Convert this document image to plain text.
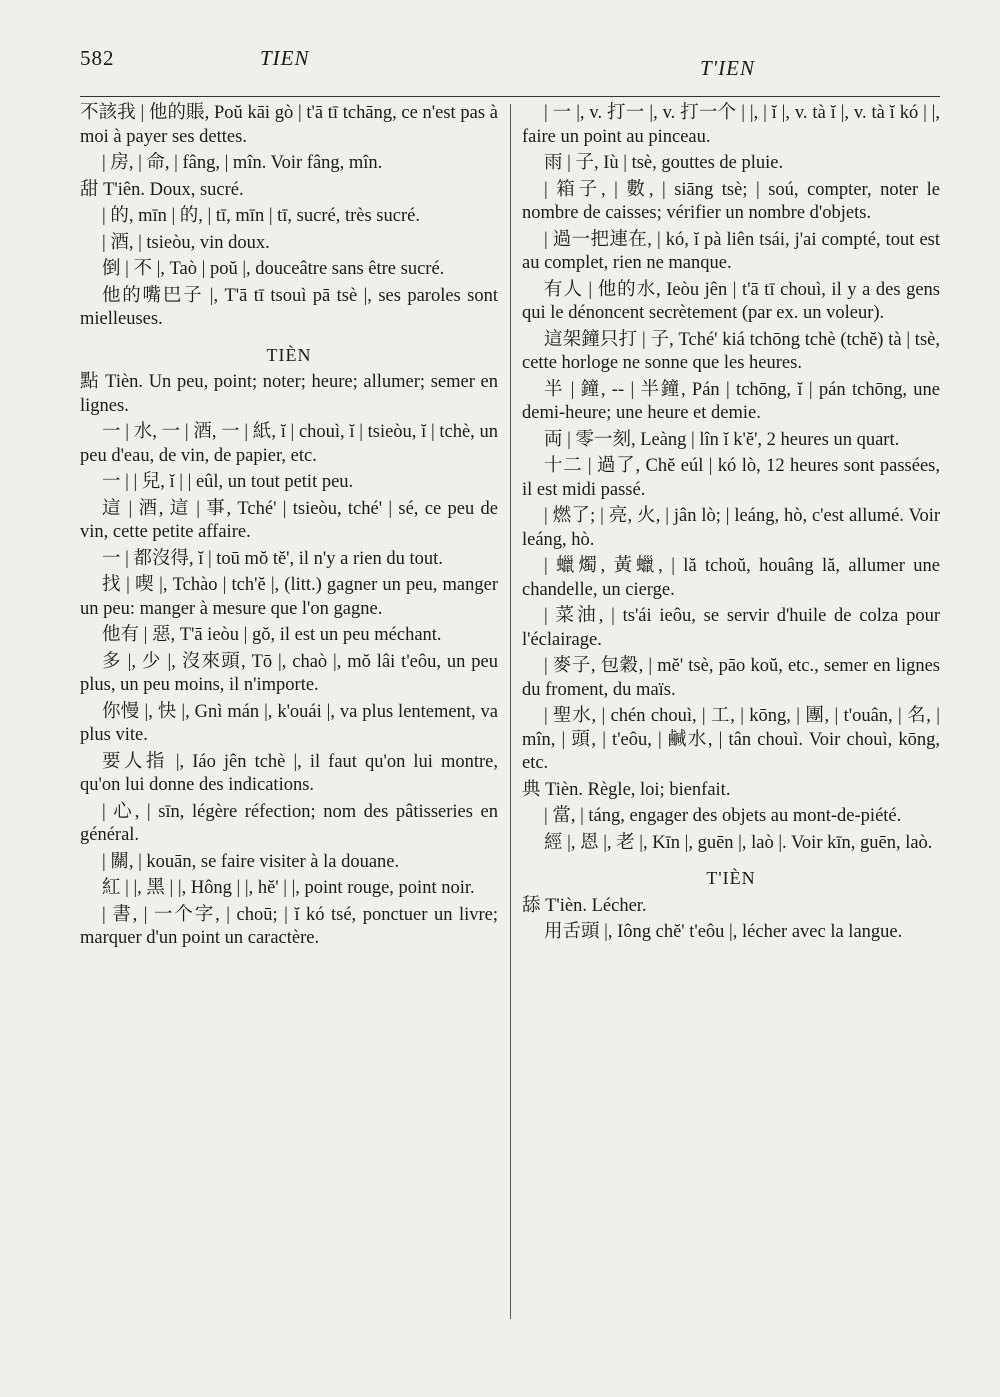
582	TIEN	T'IEN

不該我 | 他的賬, Poŭ kāi gò | t'ā tī tchāng, ce n'est pas à moi à payer ses dettes.

| 房, | 命, | fâng, | mîn. Voir fâng, mîn.

甜 T'iên. Doux, sucré.

| 的, mīn | 的, | tī, mīn | tī, sucré, très sucré.

| 酒, | tsieòu, vin doux.

倒 | 不 |, Taò | poŭ |, douceâtre sans être sucré.

他的嘴巴子 |, T'ā tī tsouì pā tsè |, ses paroles sont mielleuses.

TIÈN

點 Tièn. Un peu, point; noter; heure; allumer; semer en lignes.

一 | 水, 一 | 酒, 一 | 紙, ĭ | chouì, ĭ | tsieòu, ĭ | tchè, un peu d'eau, de vin, de papier, etc.

一 | | 兒, ĭ | | eûl, un tout petit peu.

這 | 酒, 這 | 事, Tché' | tsieòu, tché' | sé, ce peu de vin, cette petite affaire.

一 | 都沒得, ĭ | toū mŏ tĕ', il n'y a rien du tout.

找 | 喫 |, Tchào | tch'ĕ |, (litt.) gagner un peu, manger un peu: manger à mesure que l'on gagne.

他有 | 惡, T'ā ieòu | gŏ, il est un peu méchant.

多 |, 少 |, 沒來頭, Tō |, chaò |, mŏ lâi t'eôu, un peu plus, un peu moins, il n'importe.

你慢 |, 快 |, Gnì mán |, k'ouái |, va plus lentement, va plus vite.

要人指 |, Iáo jên tchè |, il faut qu'on lui montre, qu'on lui donne des indications.

| 心, | sīn, légère réfection; nom des pâtisseries en général.

| 關, | kouān, se faire visiter à la douane.

紅 | |, 黑 | |, Hông | |, hĕ' | |, point rouge, point noir.

| 書, | 一个字, | choū; | ĭ kó tsé, ponctuer un livre; marquer d'un point un caractère.

| 一 |, v. 打一 |, v. 打一个 | |, | ĭ |, v. tà ĭ |, v. tà ĭ kó | |, faire un point au pinceau.

雨 | 子, Iù | tsè, gouttes de pluie.

| 箱子, | 數, | siāng tsè; | soú, compter, noter le nombre de caisses; vérifier un nombre d'objets.

| 過一把連在, | kó, ĭ pà liên tsái, j'ai compté, tout est au complet, rien ne manque.

有人 | 他的水, Ieòu jên | t'ā tī chouì, il y a des gens qui le dénoncent secrètement (par ex. un voleur).

這架鐘只打 | 子, Tché' kiá tchōng tchè (tchĕ) tà | tsè, cette horloge ne sonne que les heures.

半 | 鐘, -- | 半鐘, Pán | tchōng, ĭ | pán tchōng, une demi-heure; une heure et demie.

両 | 零一刻, Leàng | lîn ĭ k'ĕ', 2 heures un quart.

十二 | 過了, Chĕ eúl | kó lò, 12 heures sont passées, il est midi passé.

| 燃了; | 亮, 火, | jân lò; | leáng, hò, c'est allumé. Voir leáng, hò.

| 蠟燭, 黃蠟, | lă tchoŭ, houâng lă, allumer une chandelle, un cierge.

| 菜油, | ts'ái ieôu, se servir d'huile de colza pour l'éclairage.

| 麥子, 包穀, | mĕ' tsè, pāo koŭ, etc., semer en lignes du froment, du maïs.

| 聖水, | chén chouì, | 工, | kōng, | 團, | t'ouân, | 名, | mîn, | 頭, | t'eôu, | 鹹水, | tân chouì. Voir chouì, kōng, etc.

典 Tièn. Règle, loi; bienfait.

| 當, | táng, engager des objets au mont-de-piété.

經 |, 恩 |, 老 |, Kīn |, guēn |, laò |. Voir kīn, guēn, laò.

T'IÈN

舔 T'ièn. Lécher.

用舌頭 |, Iông chĕ' t'eôu |, lécher avec la langue.
